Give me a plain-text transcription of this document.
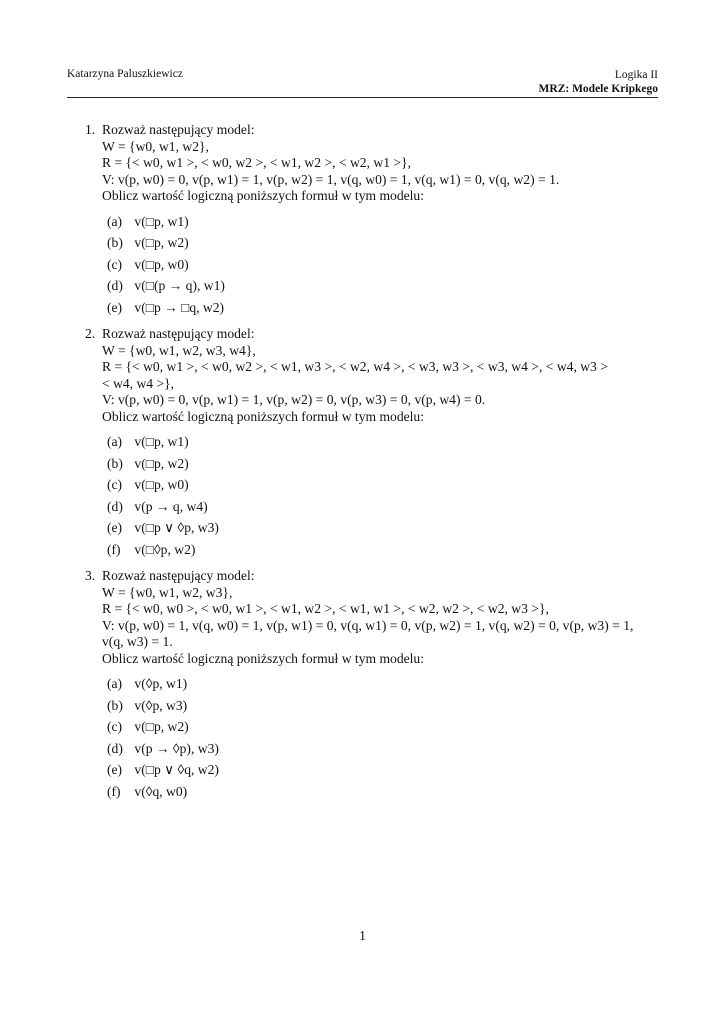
Katarzyna Paluszkiewicz	Logika II
MRZ: Modele Kripkego
1. Rozważ następujący model:
W = {w0, w1, w2},
R = {< w0, w1 >, < w0, w2 >, < w1, w2 >, < w2, w1 >},
V: v(p, w0) = 0, v(p, w1) = 1, v(p, w2) = 1, v(q, w0) = 1, v(q, w1) = 0, v(q, w2) = 1.
Oblicz wartość logiczną poniższych formuł w tym modelu:
(a) v(□p, w1)
(b) v(□p, w2)
(c) v(□p, w0)
(d) v(□(p → q), w1)
(e) v(□p → □q, w2)
2. Rozważ następujący model:
W = {w0, w1, w2, w3, w4},
R = {< w0, w1 >, < w0, w2 >, < w1, w3 >, < w2, w4 >, < w3, w3 >, < w3, w4 >, < w4, w3 >
< w4, w4 >},
V: v(p, w0) = 0, v(p, w1) = 1, v(p, w2) = 0, v(p, w3) = 0, v(p, w4) = 0.
Oblicz wartość logiczną poniższych formuł w tym modelu:
(a) v(□p, w1)
(b) v(□p, w2)
(c) v(□p, w0)
(d) v(p → q, w4)
(e) v(□p ∨ ◊p, w3)
(f) v(□◊p, w2)
3. Rozważ następujący model:
W = {w0, w1, w2, w3},
R = {< w0, w0 >, < w0, w1 >, < w1, w2 >, < w1, w1 >, < w2, w2 >, < w2, w3 >},
V: v(p, w0) = 1, v(q, w0) = 1, v(p, w1) = 0, v(q, w1) = 0, v(p, w2) = 1, v(q, w2) = 0, v(p, w3) = 1,
v(q, w3) = 1.
Oblicz wartość logiczną poniższych formuł w tym modelu:
(a) v(◊p, w1)
(b) v(◊p, w3)
(c) v(□p, w2)
(d) v(p → ◊p), w3)
(e) v(□p ∨ ◊q, w2)
(f) v(◊q, w0)
1
